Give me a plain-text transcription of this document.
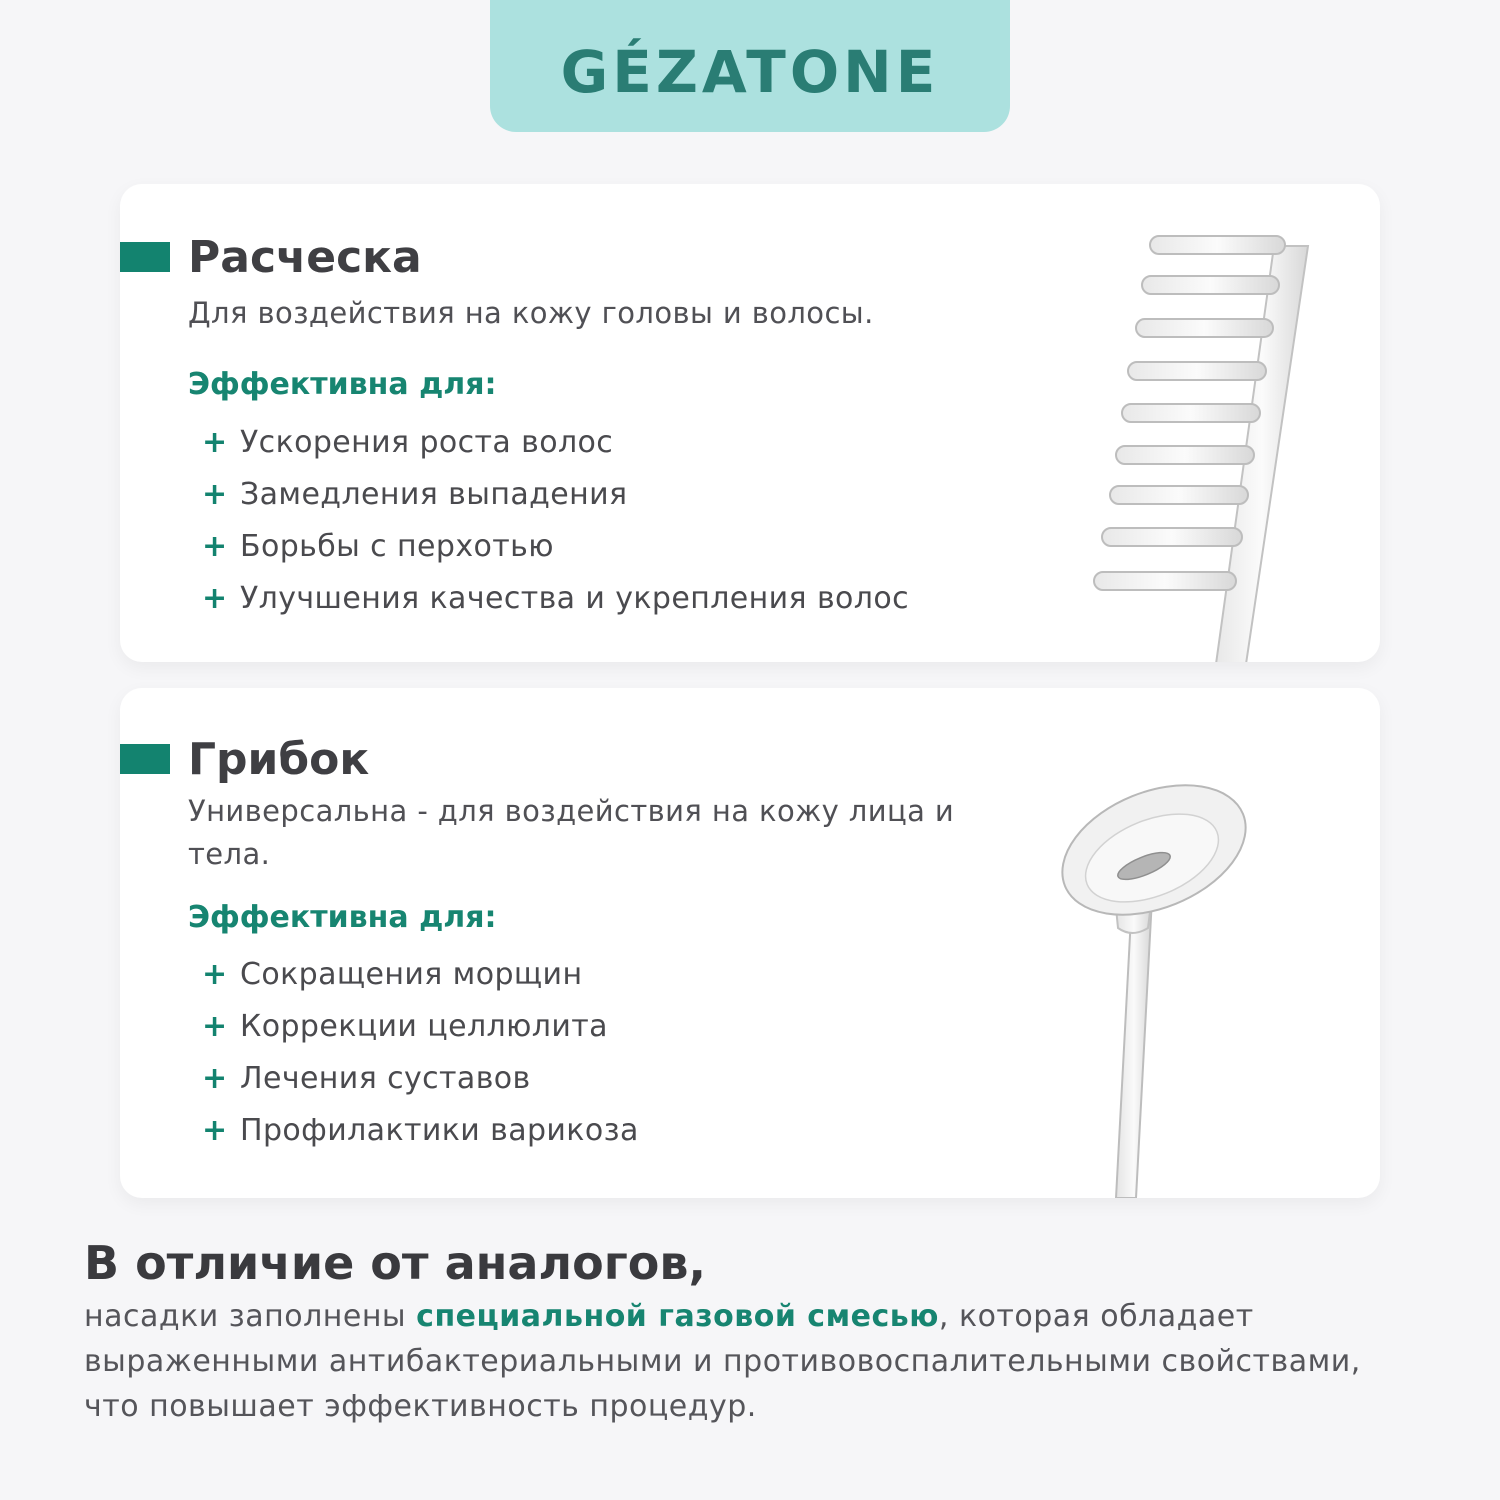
GÉZATONE
Расческа

Для воздействия на кожу головы и волосы.

Эффективна для:

+ Ускорения роста волос
+ Замедления выпадения
+ Борьбы с перхотью
+ Улучшения качества и укрепления волос
Грибок

Универсальна - для воздействия на кожу лица и тела.

Эффективна для:

+ Сокращения морщин
+ Коррекции целлюлита
+ Лечения суставов
+ Профилактики варикоза
В отличие от аналогов,

насадки заполнены специальной газовой смесью, которая обладает выраженными антибактериальными и противовоспалительными свойствами, что повышает эффективность процедур.
